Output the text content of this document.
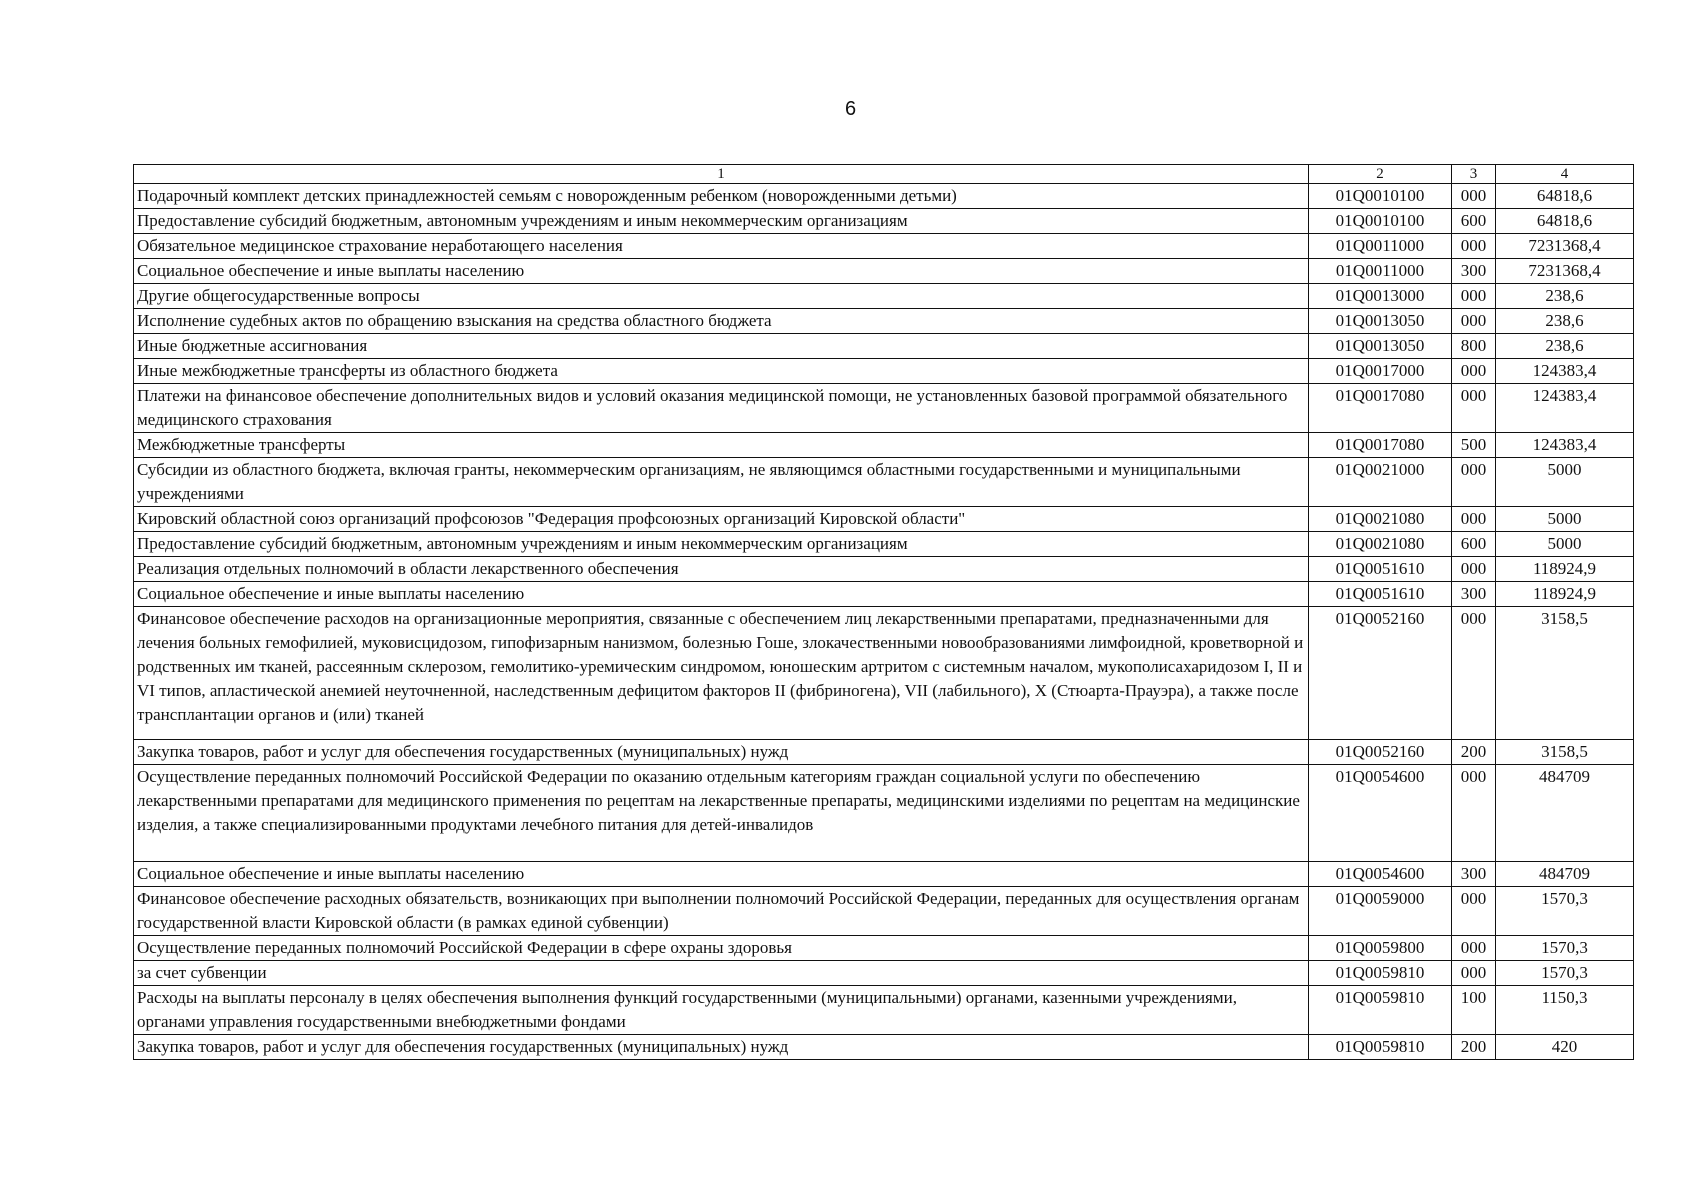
6
1	2	3	4
Подарочный комплект детских принадлежностей семьям с новорожденным ребенком (новорожденными детьми)	01Q0010100	000	64818,6
Предоставление субсидий бюджетным, автономным учреждениям и иным некоммерческим организациям	01Q0010100	600	64818,6
Обязательное медицинское страхование неработающего населения	01Q0011000	000	7231368,4
Социальное обеспечение и иные выплаты населению	01Q0011000	300	7231368,4
Другие общегосударственные вопросы	01Q0013000	000	238,6
Исполнение судебных актов по обращению взыскания на средства областного бюджета	01Q0013050	000	238,6
Иные бюджетные ассигнования	01Q0013050	800	238,6
Иные межбюджетные трансферты из областного бюджета	01Q0017000	000	124383,4
Платежи на финансовое обеспечение дополнительных видов и условий оказания медицинской помощи, не установленных базовой программой обязательного медицинского страхования	01Q0017080	000	124383,4
Межбюджетные трансферты	01Q0017080	500	124383,4
Субсидии из областного бюджета, включая гранты, некоммерческим организациям, не являющимся областными государственными и муниципальными учреждениями	01Q0021000	000	5000
Кировский областной союз организаций профсоюзов "Федерация профсоюзных организаций Кировской области"	01Q0021080	000	5000
Предоставление субсидий бюджетным, автономным учреждениям и иным некоммерческим организациям	01Q0021080	600	5000
Реализация отдельных полномочий в области лекарственного обеспечения	01Q0051610	000	118924,9
Социальное обеспечение и иные выплаты населению	01Q0051610	300	118924,9
Финансовое обеспечение расходов на организационные мероприятия, связанные с обеспечением лиц лекарственными препаратами, предназначенными для лечения больных гемофилией, муковисцидозом, гипофизарным нанизмом, болезнью Гоше, злокачественными новообразованиями лимфоидной, кроветворной и родственных им тканей, рассеянным склерозом, гемолитико-уремическим синдромом, юношеским артритом с системным началом, мукополисахаридозом I, II и VI типов, апластической анемией неуточненной, наследственным дефицитом факторов II (фибриногена), VII (лабильного), X (Стюарта-Прауэра), а также после трансплантации органов и (или) тканей	01Q0052160	000	3158,5
Закупка товаров, работ и услуг для обеспечения государственных (муниципальных) нужд	01Q0052160	200	3158,5
Осуществление переданных полномочий Российской Федерации по оказанию отдельным категориям граждан социальной услуги по обеспечению лекарственными препаратами для медицинского применения по рецептам на лекарственные препараты, медицинскими изделиями по рецептам на медицинские изделия, а также специализированными продуктами лечебного питания для детей-инвалидов	01Q0054600	000	484709
Социальное обеспечение и иные выплаты населению	01Q0054600	300	484709
Финансовое обеспечение расходных обязательств, возникающих при выполнении полномочий Российской Федерации, переданных для осуществления органам государственной власти Кировской области (в рамках единой субвенции)	01Q0059000	000	1570,3
Осуществление переданных полномочий Российской Федерации в сфере охраны здоровья	01Q0059800	000	1570,3
за счет субвенции	01Q0059810	000	1570,3
Расходы на выплаты персоналу в целях обеспечения выполнения функций государственными (муниципальными) органами, казенными учреждениями, органами управления государственными внебюджетными фондами	01Q0059810	100	1150,3
Закупка товаров, работ и услуг для обеспечения государственных (муниципальных) нужд	01Q0059810	200	420
